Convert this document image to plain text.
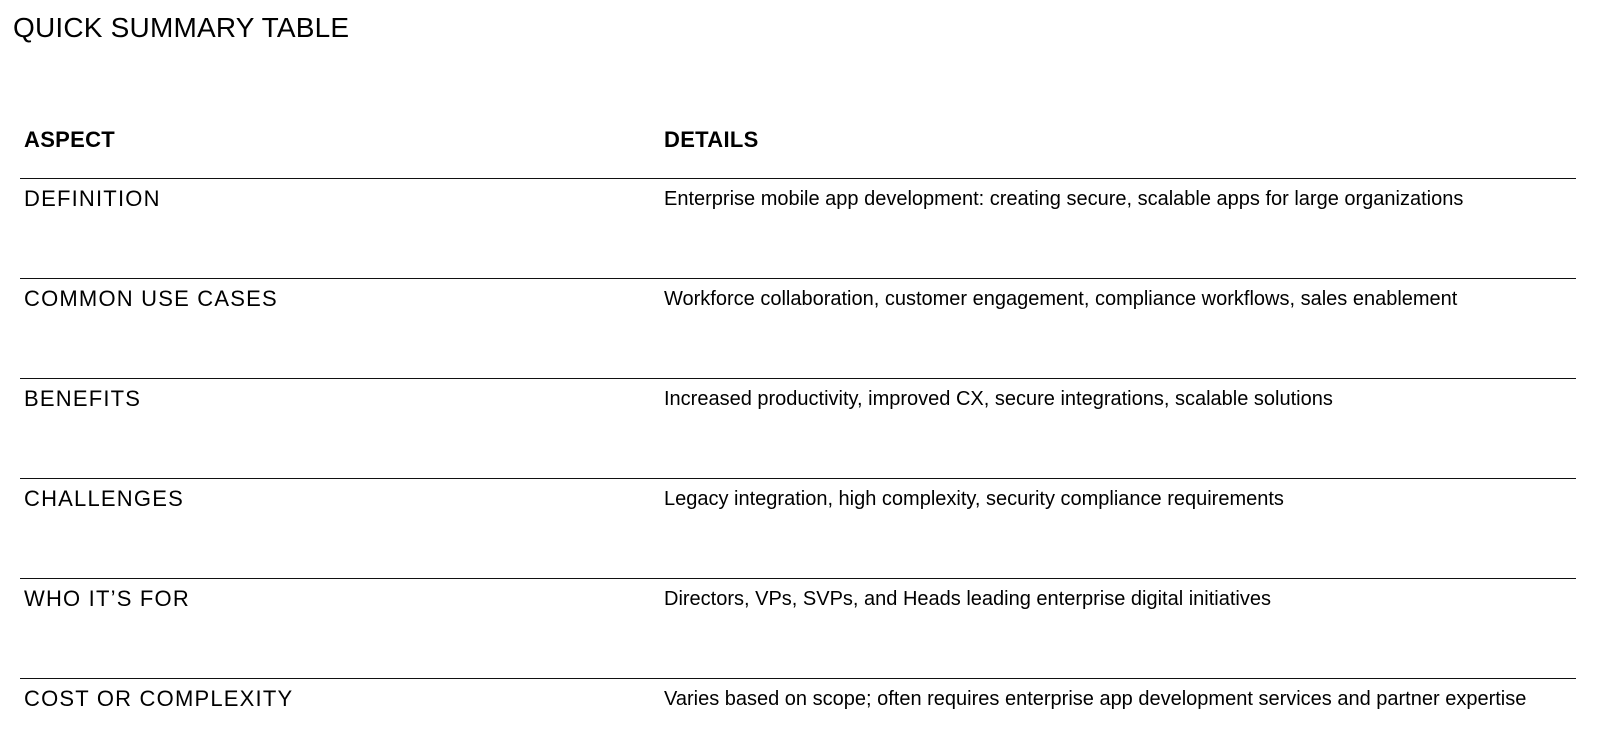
QUICK SUMMARY TABLE
ASPECT	DETAILS
DEFINITION	Enterprise mobile app development: creating secure, scalable apps for large organizations
COMMON USE CASES	Workforce collaboration, customer engagement, compliance workflows, sales enablement
BENEFITS	Increased productivity, improved CX, secure integrations, scalable solutions
CHALLENGES	Legacy integration, high complexity, security compliance requirements
WHO IT’S FOR	Directors, VPs, SVPs, and Heads leading enterprise digital initiatives
COST OR COMPLEXITY	Varies based on scope; often requires enterprise app development services and partner expertise
